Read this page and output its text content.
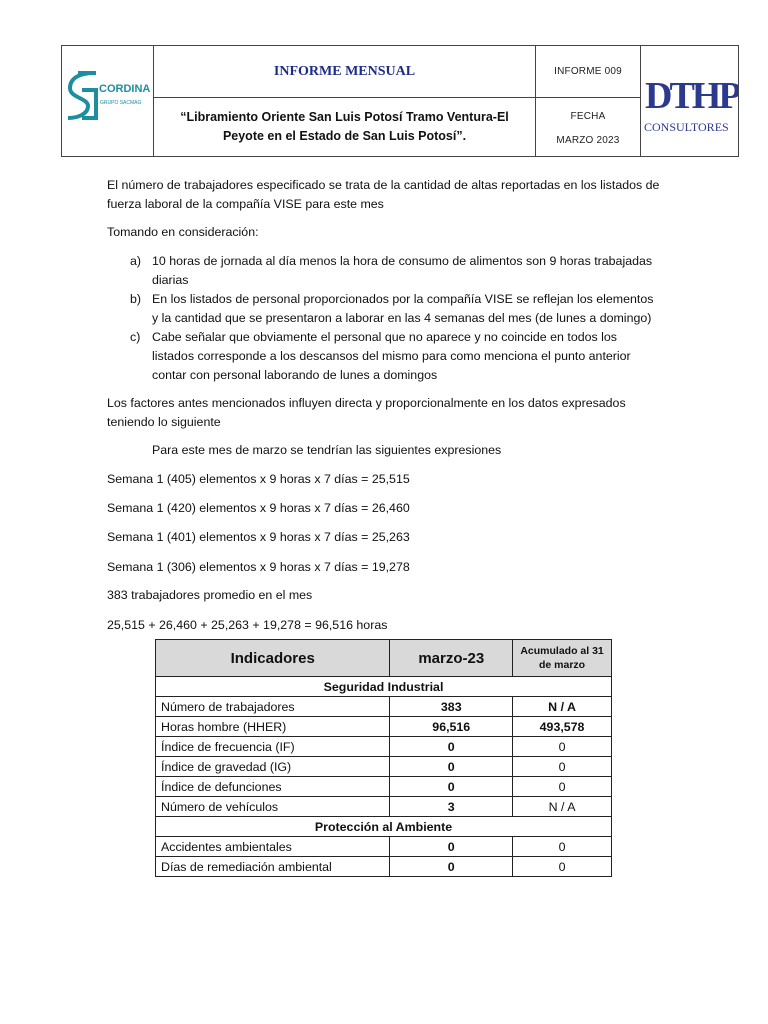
CORDINA
GRUPO SACMAG
INFORME MENSUAL
“Libramiento Oriente San Luis Potosí Tramo Ventura-El Peyote en el Estado de San Luis Potosí”.
INFORME 009
FECHA
MARZO 2023
DTHP
CONSULTORES

El número de trabajadores especificado se trata de la cantidad de altas reportadas en los listados de fuerza laboral de la compañía VISE para este mes

Tomando en consideración:
a) 10 horas de jornada al día menos la hora de consumo de alimentos son 9 horas trabajadas diarias
b) En los listados de personal proporcionados por la compañía VISE se reflejan los elementos y la cantidad que se presentaron a laborar en las 4 semanas del mes (de lunes a domingo)
c) Cabe señalar que obviamente el personal que no aparece y no coincide en todos los listados corresponde a los descansos del mismo para como menciona el punto anterior contar con personal laborando de lunes a domingos

Los factores antes mencionados influyen directa y proporcionalmente en los datos expresados teniendo lo siguiente

Para este mes de marzo se tendrían las siguientes expresiones
Semana 1 (405) elementos x 9 horas x 7 días = 25,515
Semana 1 (420) elementos x 9 horas x 7 días = 26,460
Semana 1 (401) elementos x 9 horas x 7 días = 25,263
Semana 1 (306) elementos x 9 horas x 7 días = 19,278
383 trabajadores promedio en el mes
25,515 + 26,460 + 25,263 + 19,278 = 96,516 horas
Indicadores	marzo-23	Acumulado al 31 de marzo
Seguridad Industrial		
Número de trabajadores	383	N / A
Horas hombre (HHER)	96,516	493,578
Índice de frecuencia (IF)	0	0
Índice de gravedad (IG)	0	0
Índice de defunciones	0	0
Número de vehículos	3	N / A
Protección al Ambiente		
Accidentes ambientales	0	0
Días de remediación ambiental	0	0
